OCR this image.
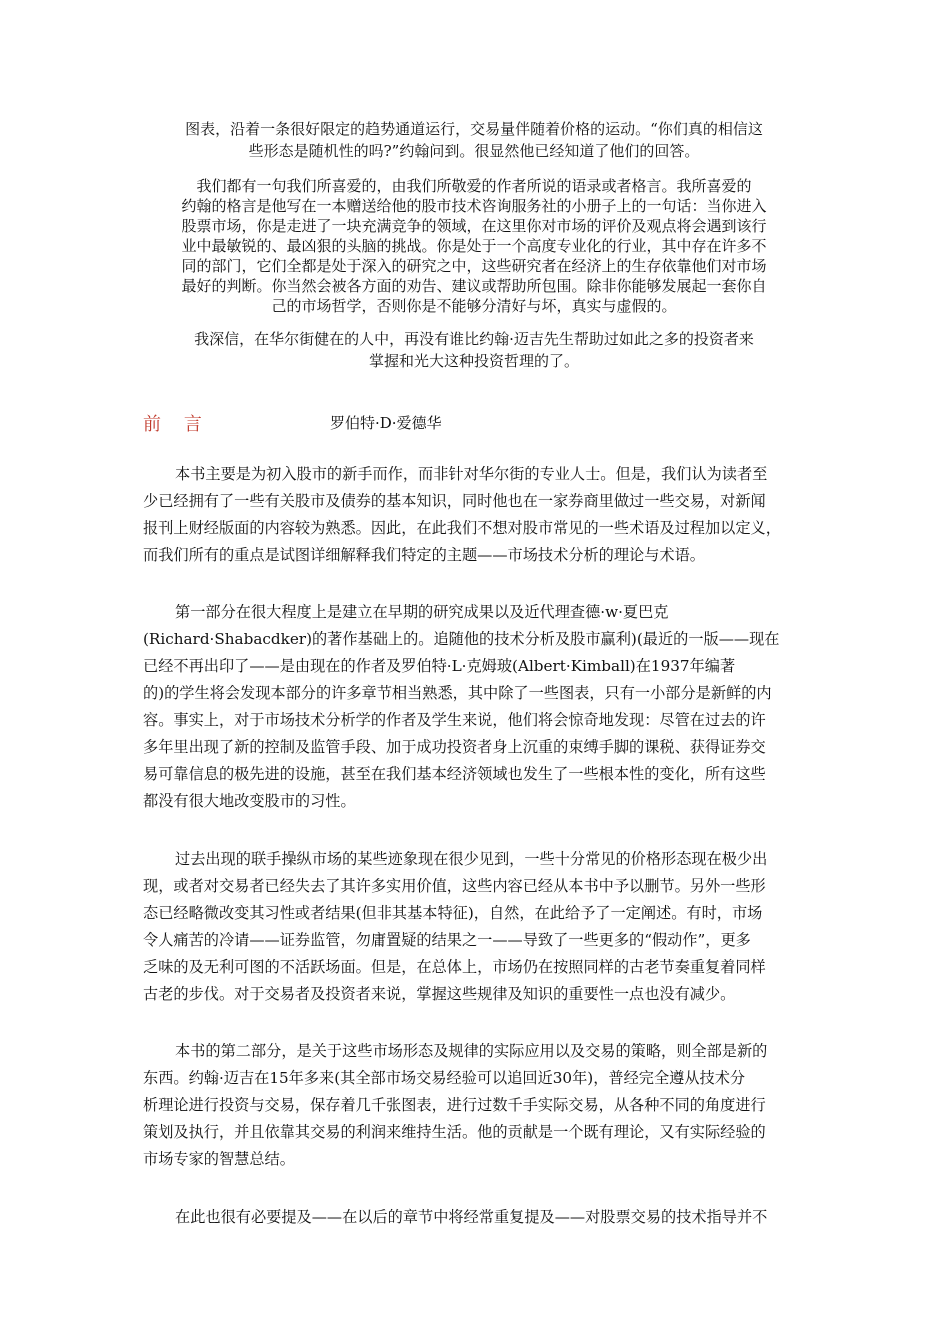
图表，沿着一条很好限定的趋势通道运行，交易量伴随着价格的运动。“你们真的相信这
些形态是随机性的吗?”约翰问到。很显然他已经知道了他们的回答。
我们都有一句我们所喜爱的，由我们所敬爱的作者所说的语录或者格言。我所喜爱的
约翰的格言是他写在一本赠送给他的股市技术咨询服务社的小册子上的一句话：当你进入
股票市场，你是走进了一块充满竞争的领域，在这里你对市场的评价及观点将会遇到该行
业中最敏锐的、最凶狠的头脑的挑战。你是处于一个高度专业化的行业，其中存在许多不
同的部门，它们全都是处于深入的研究之中，这些研究者在经济上的生存依靠他们对市场
最好的判断。你当然会被各方面的劝告、建议或帮助所包围。除非你能够发展起一套你自
己的市场哲学，否则你是不能够分清好与坏，真实与虚假的。
我深信，在华尔街健在的人中，再没有谁比约翰·迈吉先生帮助过如此之多的投资者来
掌握和光大这种投资哲理的了。
前    言	罗伯特·D·爱德华
本书主要是为初入股市的新手而作，而非针对华尔街的专业人士。但是，我们认为读者至
少已经拥有了一些有关股市及债券的基本知识，同时他也在一家券商里做过一些交易，对新闻
报刊上财经版面的内容较为熟悉。因此，在此我们不想对股市常见的一些术语及过程加以定义，
而我们所有的重点是试图详细解释我们特定的主题——市场技术分析的理论与术语。
第一部分在很大程度上是建立在早期的研究成果以及近代理查德·w·夏巴克
(Richard·Shabacdker)的著作基础上的。追随他的技术分析及股市赢利)(最近的一版——现在
已经不再出印了——是由现在的作者及罗伯特·L·克姆玻(Albert·Kimball)在1937年编著
的)的学生将会发现本部分的许多章节相当熟悉，其中除了一些图表，只有一小部分是新鲜的内
容。事实上，对于市场技术分析学的作者及学生来说，他们将会惊奇地发现：尽管在过去的许
多年里出现了新的控制及监管手段、加于成功投资者身上沉重的束缚手脚的课税、获得证券交
易可靠信息的极先进的设施，甚至在我们基本经济领域也发生了一些根本性的变化，所有这些
都没有很大地改变股市的习性。
过去出现的联手操纵市场的某些迹象现在很少见到，一些十分常见的价格形态现在极少出
现，或者对交易者已经失去了其许多实用价值，这些内容已经从本书中予以删节。另外一些形
态已经略微改变其习性或者结果(但非其基本特征)，自然，在此给予了一定阐述。有时，市场
令人痛苦的冷请——证券监管，勿庸置疑的结果之一——导致了一些更多的“假动作”，更多
乏味的及无利可图的不活跃场面。但是，在总体上，市场仍在按照同样的古老节奏重复着同样
古老的步伐。对于交易者及投资者来说，掌握这些规律及知识的重要性一点也没有减少。
本书的第二部分，是关于这些市场形态及规律的实际应用以及交易的策略，则全部是新的
东西。约翰·迈吉在15年多来(其全部市场交易经验可以追回近30年)，普经完全遵从技术分
析理论进行投资与交易，保存着几千张图表，进行过数千手实际交易，从各种不同的角度进行
策划及执行，并且依靠其交易的利润来维持生活。他的贡献是一个既有理论，又有实际经验的
市场专家的智慧总结。
在此也很有必要提及——在以后的章节中将经常重复提及——对股票交易的技术指导并不
